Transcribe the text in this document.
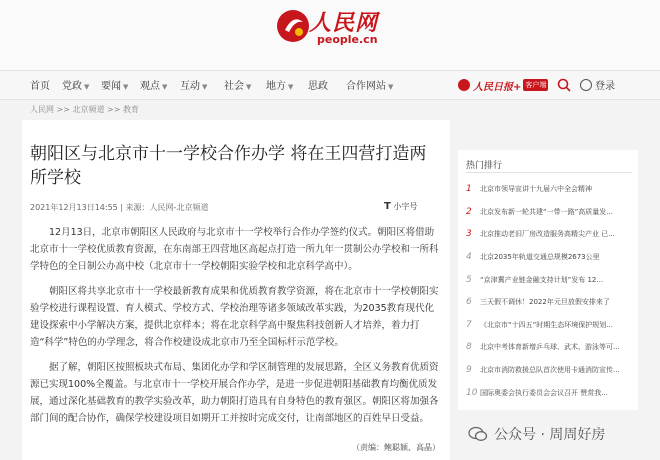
人民网
people.cn
首页 党政 ▼ 要闻 ▼ 观点 ▼ 互动 ▼ 社会 ▼ 地方 ▼ 思政 合作网站 ▼	人民日报+ 客户端	登录
人民网 >> 北京频道 >> 教育
朝阳区与北京市十一学校合作办学 将在王四营打造两所学校
2021年12月13日14:55 | 来源：人民网-北京频道	T 小字号

12月13日，北京市朝阳区人民政府与北京市十一学校举行合作办学签约仪式。朝阳区将借助北京市十一学校优质教育资源，在东南部王四营地区高起点打造一所九年一贯制公办学校和一所科学特色的全日制公办高中校（北京市十一学校朝阳实验学校和北京科学高中）。

朝阳区将共享北京市十一学校最新教育成果和优质教育教学资源，将在北京市十一学校朝阳实验学校进行课程设置、育人模式、学校方式、学校治理等诸多领域改革实践，为2035教育现代化建设探索中小学解决方案，提供北京样本；将在北京科学高中聚焦科技创新人才培养，着力打造“科学”特色的办学理念，将合作校建设成北京市乃至全国标杆示范学校。

据了解，朝阳区按照板块式布局、集团化办学和学区制管理的发展思路，全区义务教育优质资源已实现100%全覆盖。与北京市十一学校开展合作办学，是进一步促进朝阳基础教育均衡优质发展，通过深化基础教育的教学实验改革，助力朝阳打造具有自身特色的教育强区。朝阳区将加强各部门间的配合协作，确保学校建设项目如期开工并按时完成交付，让南部地区的百姓早日受益。

（责编：鲍聪颖、高晶）
热门排行
1	北京市领导宣讲十九届六中全会精神
2	北京发布新一轮共建“一带一路”高质量发...
3	北京推动老旧厂房改造服务高精尖产业 已...
4	北京2035年轨道交通总规模2673公里
5	“京津冀产业链金融支持计划”发布 12...
6	三天假不调休！2022年元旦放假安排来了
7	《北京市“十四五”时期生态环境保护规划...
8	北京中考体育新增乒乓球、武术、游泳等可...
9	北京市消防救援总队首次使用卡通消防宣传...
10 国际奥委会执行委员会会议召开 赞赏我...
公众号 · 周周好房
